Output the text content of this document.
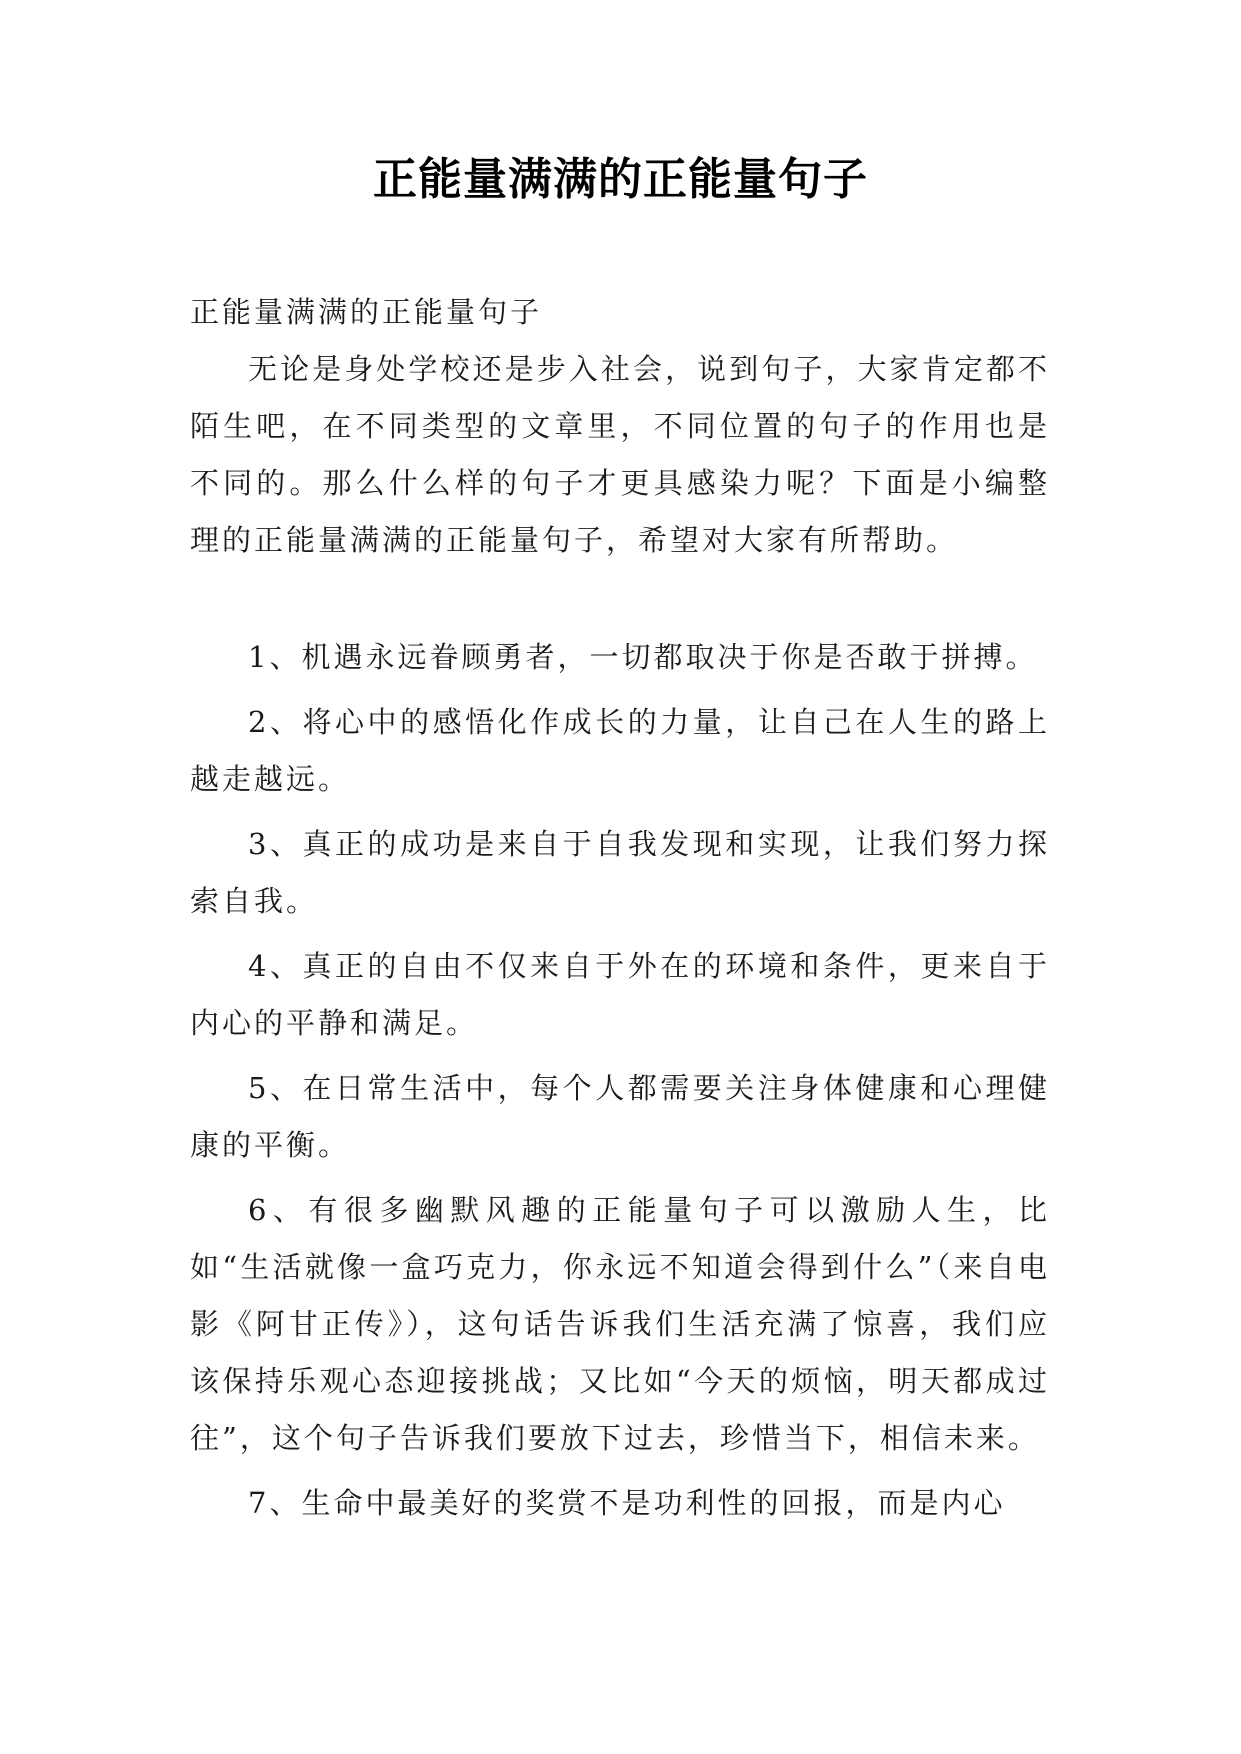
正能量满满的正能量句子

正能量满满的正能量句子

无论是身处学校还是步入社会，说到句子，大家肯定都不陌生吧，在不同类型的文章里，不同位置的句子的作用也是不同的。那么什么样的句子才更具感染力呢？下面是小编整理的正能量满满的正能量句子，希望对大家有所帮助。

1、机遇永远眷顾勇者，一切都取决于你是否敢于拼搏。

2、将心中的感悟化作成长的力量，让自己在人生的路上越走越远。

3、真正的成功是来自于自我发现和实现，让我们努力探索自我。

4、真正的自由不仅来自于外在的环境和条件，更来自于内心的平静和满足。

5、在日常生活中，每个人都需要关注身体健康和心理健康的平衡。

6、有很多幽默风趣的正能量句子可以激励人生，比如“生活就像一盒巧克力，你永远不知道会得到什么”（来自电影《阿甘正传》），这句话告诉我们生活充满了惊喜，我们应该保持乐观心态迎接挑战；又比如“今天的烦恼，明天都成过往”，这个句子告诉我们要放下过去，珍惜当下，相信未来。

7、生命中最美好的奖赏不是功利性的回报，而是内心
